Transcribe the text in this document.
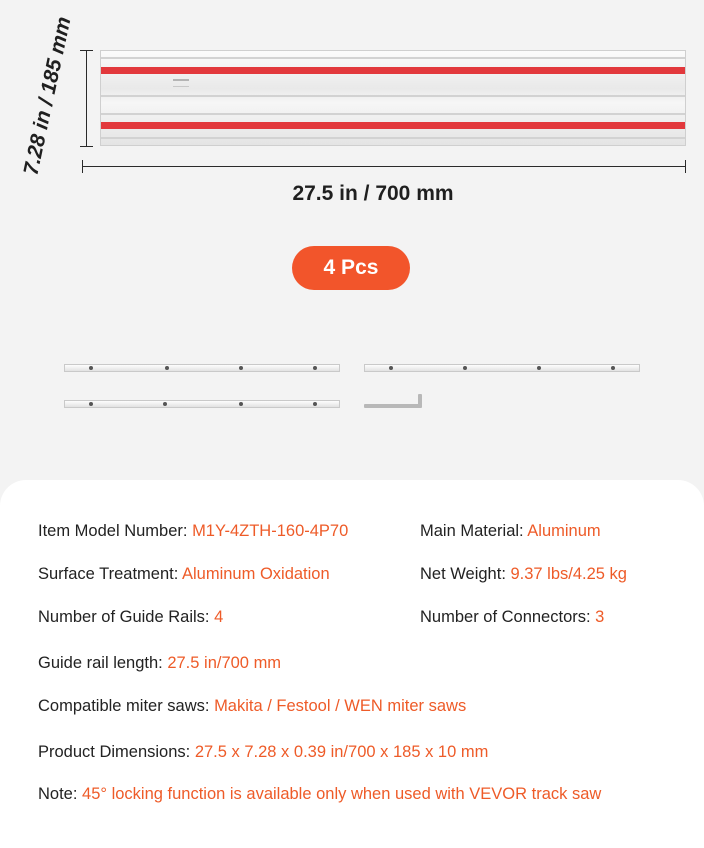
7.28 in / 185 mm
27.5 in / 700 mm
4 Pcs
Item Model Number: M1Y-4ZTH-160-4P70	Main Material: Aluminum
Surface Treatment: Aluminum Oxidation	Net Weight: 9.37 lbs/4.25 kg
Number of Guide Rails: 4	Number of Connectors: 3
Guide rail length: 27.5 in/700 mm
Compatible miter saws: Makita / Festool / WEN miter saws
Product Dimensions: 27.5 x 7.28 x 0.39 in/700 x 185 x 10 mm
Note: 45° locking function is available only when used with VEVOR track saw
